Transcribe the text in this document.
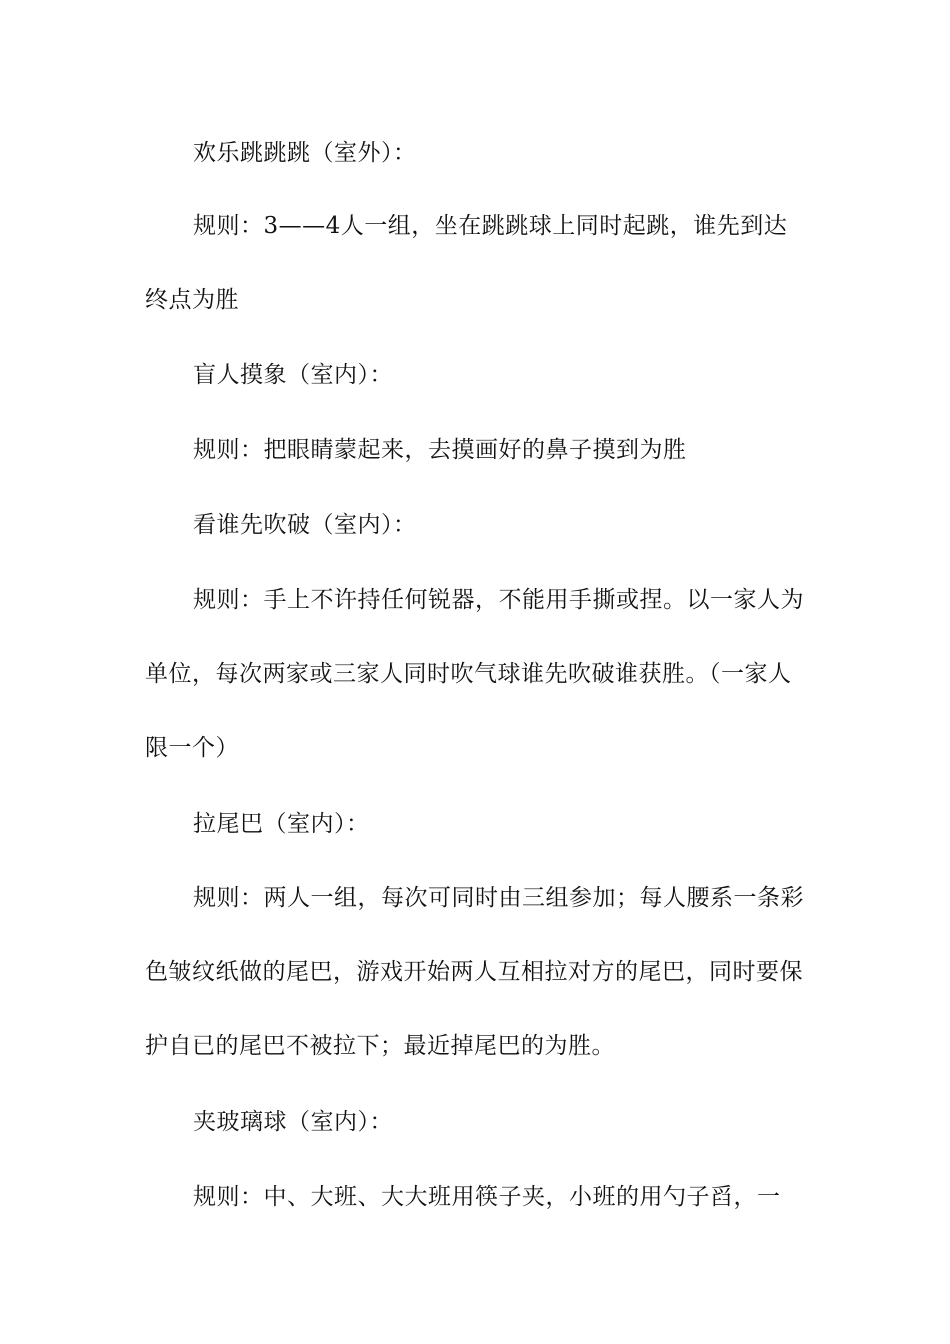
欢乐跳跳跳（室外）：

规则：3——4人一组，坐在跳跳球上同时起跳，谁先到达终点为胜

盲人摸象（室内）：

规则：把眼睛蒙起来，去摸画好的鼻子摸到为胜

看谁先吹破（室内）：

规则：手上不许持任何锐器，不能用手撕或捏。以一家人为单位，每次两家或三家人同时吹气球谁先吹破谁获胜。（一家人限一个）

拉尾巴（室内）：

规则：两人一组，每次可同时由三组参加；每人腰系一条彩色皱纹纸做的尾巴，游戏开始两人互相拉对方的尾巴，同时要保护自已的尾巴不被拉下；最近掉尾巴的为胜。

夹玻璃球（室内）：

规则：中、大班、大大班用筷子夹，小班的用勺子舀，一
